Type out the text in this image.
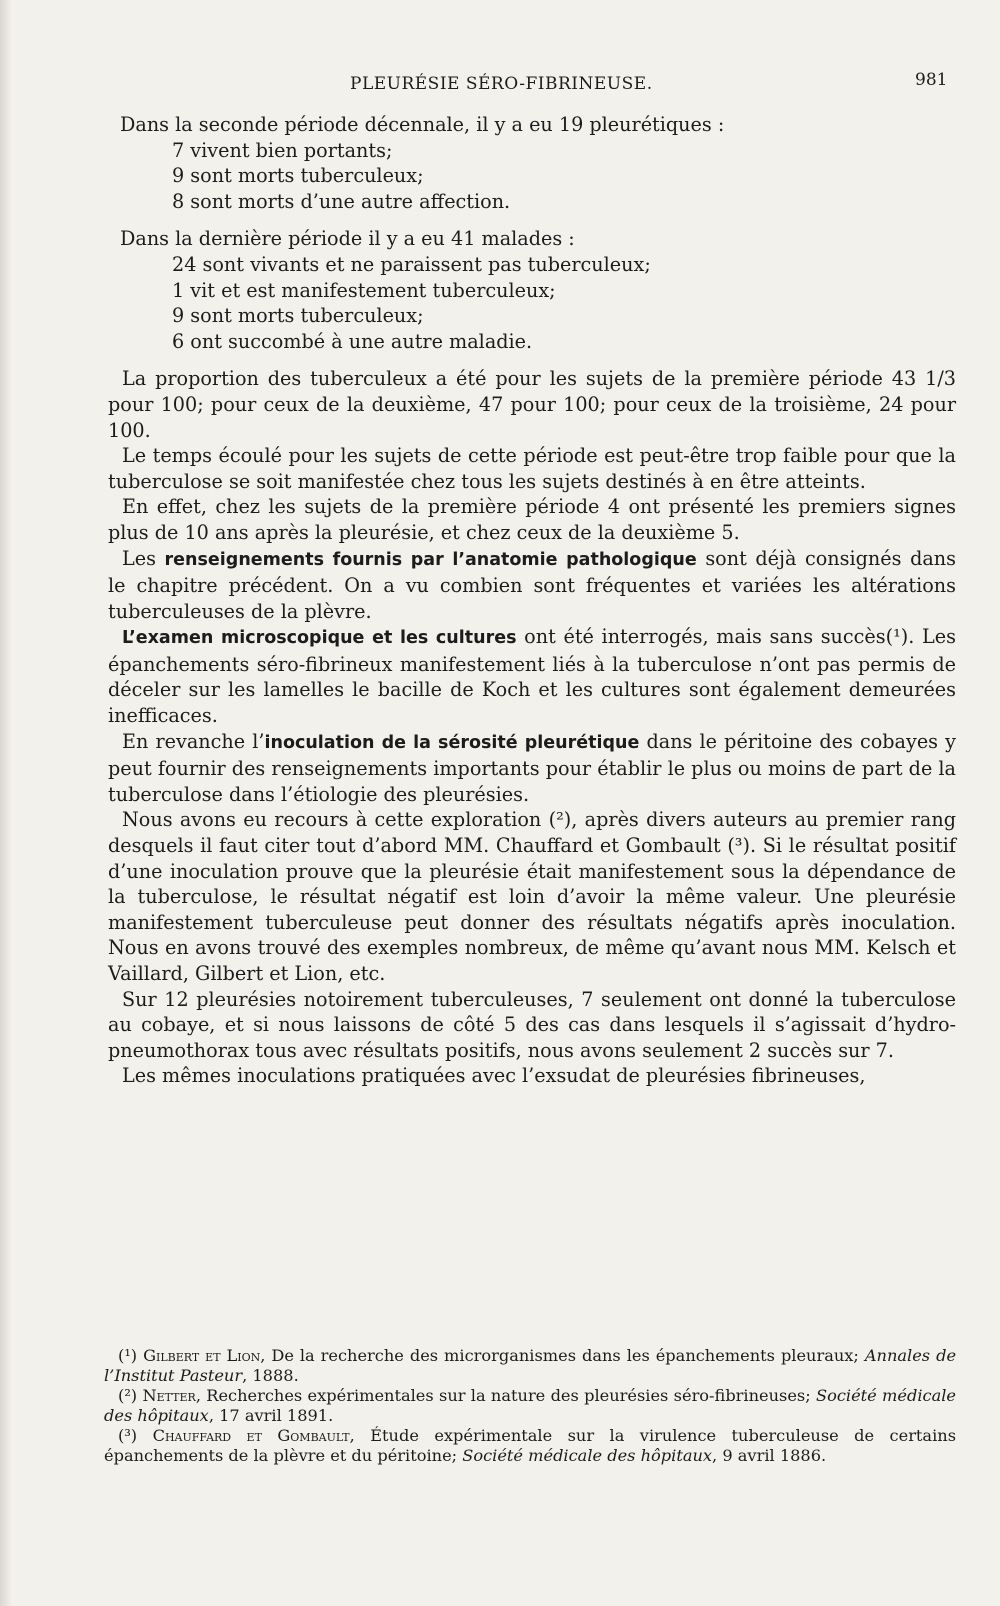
PLEURÉSIE SÉRO-FIBRINEUSE.	981

Dans la seconde période décennale, il y a eu 19 pleurétiques :

7 vivent bien portants;

9 sont morts tuberculeux;

8 sont morts d’une autre affection.

Dans la dernière période il y a eu 41 malades :

24 sont vivants et ne paraissent pas tuberculeux;

1 vit et est manifestement tuberculeux;

9 sont morts tuberculeux;

6 ont succombé à une autre maladie.

La proportion des tuberculeux a été pour les sujets de la première période 43 1/3 pour 100; pour ceux de la deuxième, 47 pour 100; pour ceux de la troisième, 24 pour 100.

Le temps écoulé pour les sujets de cette période est peut-être trop faible pour que la tuberculose se soit manifestée chez tous les sujets destinés à en être atteints.

En effet, chez les sujets de la première période 4 ont présenté les premiers signes plus de 10 ans après la pleurésie, et chez ceux de la deuxième 5.

Les renseignements fournis par l’anatomie pathologique sont déjà consignés dans le chapitre précédent. On a vu combien sont fréquentes et variées les altérations tuberculeuses de la plèvre.

L’examen microscopique et les cultures ont été interrogés, mais sans succès(¹). Les épanchements séro-fibrineux manifestement liés à la tuberculose n’ont pas permis de déceler sur les lamelles le bacille de Koch et les cultures sont également demeurées inefficaces.

En revanche l’inoculation de la sérosité pleurétique dans le péritoine des cobayes y peut fournir des renseignements importants pour établir le plus ou moins de part de la tuberculose dans l’étiologie des pleurésies.

Nous avons eu recours à cette exploration (²), après divers auteurs au premier rang desquels il faut citer tout d’abord MM. Chauffard et Gombault (³). Si le résultat positif d’une inoculation prouve que la pleurésie était manifestement sous la dépendance de la tuberculose, le résultat négatif est loin d’avoir la même valeur. Une pleurésie manifestement tuberculeuse peut donner des résultats négatifs après inoculation. Nous en avons trouvé des exemples nombreux, de même qu’avant nous MM. Kelsch et Vaillard, Gilbert et Lion, etc.

Sur 12 pleurésies notoirement tuberculeuses, 7 seulement ont donné la tuberculose au cobaye, et si nous laissons de côté 5 des cas dans lesquels il s’agissait d’hydro-pneumothorax tous avec résultats positifs, nous avons seulement 2 succès sur 7.

Les mêmes inoculations pratiquées avec l’exsudat de pleurésies fibrineuses,

(¹) Gilbert et Lion, De la recherche des microrganismes dans les épanchements pleuraux; Annales de l’Institut Pasteur, 1888.

(²) Netter, Recherches expérimentales sur la nature des pleurésies séro-fibrineuses; Société médicale des hôpitaux, 17 avril 1891.

(³) Chauffard et Gombault, Étude expérimentale sur la virulence tuberculeuse de certains épanchements de la plèvre et du péritoine; Société médicale des hôpitaux, 9 avril 1886.
